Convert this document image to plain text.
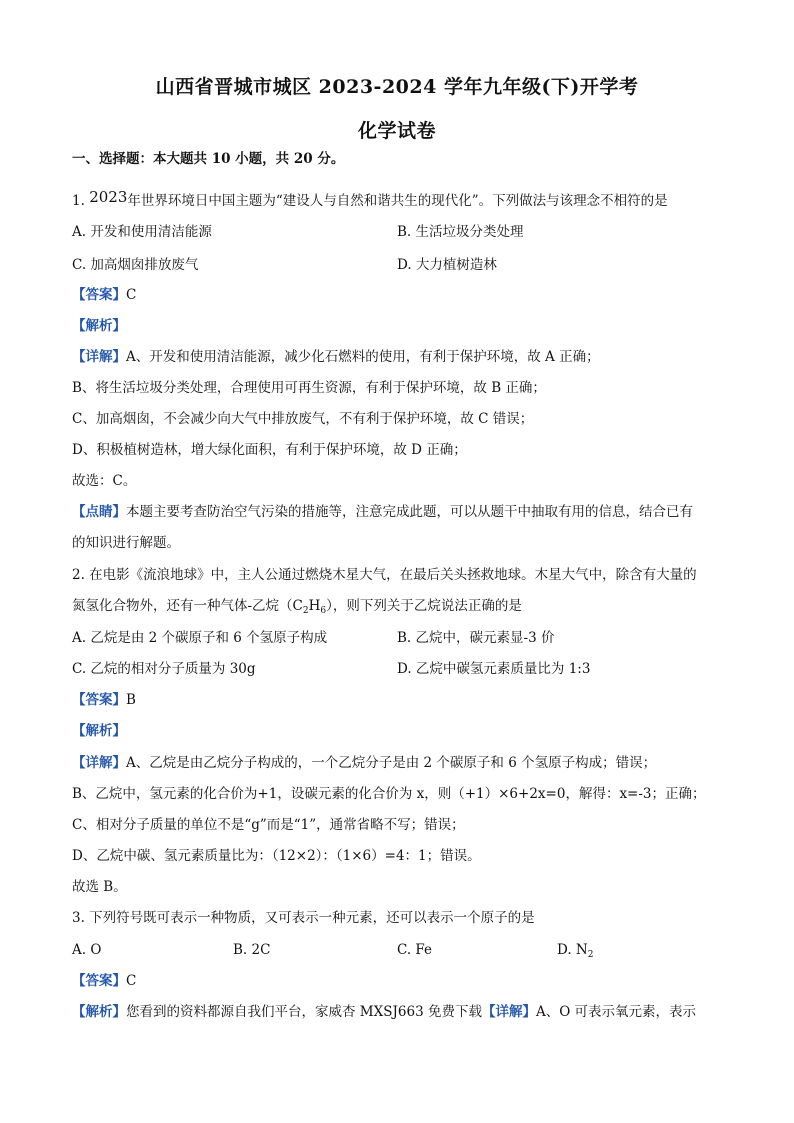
山西省晋城市城区 2023-2024 学年九年级(下)开学考
化学试卷
一、选择题：本大题共 10 小题，共 20 分。
1. 2023年世界环境日中国主题为“建设人与自然和谐共生的现代化”。下列做法与该理念不相符的是
A. 开发和使用清洁能源	B. 生活垃圾分类处理
C. 加高烟囱排放废气	D. 大力植树造林
【答案】C
【解析】
【详解】A、开发和使用清洁能源，减少化石燃料的使用，有利于保护环境，故 A 正确；
B、将生活垃圾分类处理，合理使用可再生资源，有利于保护环境，故 B 正确；
C、加高烟囱，不会减少向大气中排放废气，不有利于保护环境，故 C 错误；
D、积极植树造林，增大绿化面积，有利于保护环境，故 D 正确；
故选：C。
【点睛】本题主要考查防治空气污染的措施等，注意完成此题，可以从题干中抽取有用的信息，结合已有
的知识进行解题。
2. 在电影《流浪地球》中，主人公通过燃烧木星大气，在最后关头拯救地球。木星大气中，除含有大量的
氮氢化合物外，还有一种气体-乙烷$(C_2H_6)$，则下列关于乙烷说法正确的是
A. 乙烷是由 2 个碳原子和 6 个氢原子构成	B. 乙烷中，碳元素显-3 价
C. 乙烷的相对分子质量为 30g	D. 乙烷中碳氢元素质量比为 1:3
【答案】B
【解析】
【详解】A、乙烷是由乙烷分子构成的，一个乙烷分子是由 2 个碳原子和 6 个氢原子构成；错误；
B、乙烷中，氢元素的化合价为+1，设碳元素的化合价为 x，则（+1）×6+2x=0，解得：x=-3；正确；
C、相对分子质量的单位不是“g”而是“1”，通常省略不写；错误；
D、乙烷中碳、氢元素质量比为：（12×2）：（1×6）=4：1；错误。
故选 B。
3. 下列符号既可表示一种物质，又可表示一种元素，还可以表示一个原子的是
A. O	B. 2C	C. Fe	D. $N_2$
【答案】C
【解析】您看到的资料都源自我们平台，家威杏 MXSJ663 免费下载【详解】A、O 可表示氧元素，表示
